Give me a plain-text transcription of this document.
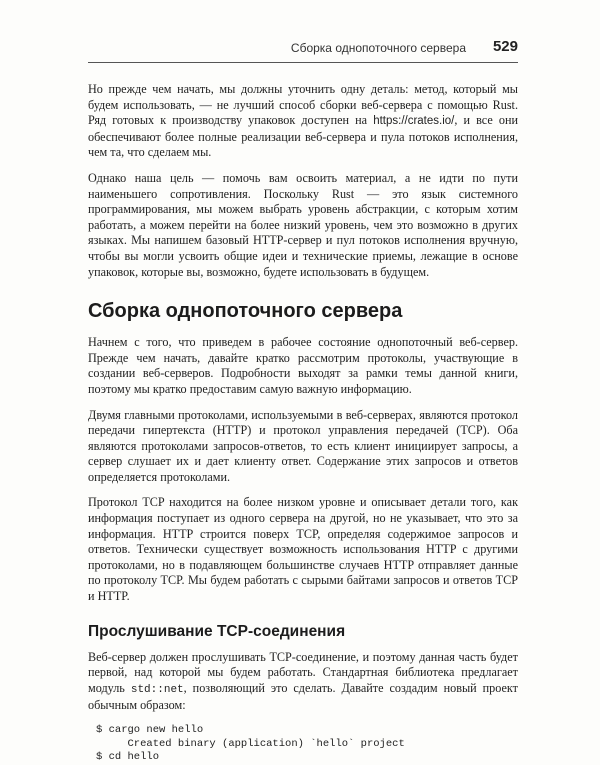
Сборка однопоточного сервера 529

Но прежде чем начать, мы должны уточнить одну деталь: метод, который мы будем использовать, — не лучший способ сборки веб-сервера с помощью Rust. Ряд готовых к производству упаковок доступен на https://crates.io/, и все они обеспечивают более полные реализации веб-сервера и пула потоков исполнения, чем та, что сделаем мы.

Однако наша цель — помочь вам освоить материал, а не идти по пути наименьшего сопротивления. Поскольку Rust — это язык системного программирования, мы можем выбрать уровень абстракции, с которым хотим работать, а можем перейти на более низкий уровень, чем это возможно в других языках. Мы напишем базовый HTTP-сервер и пул потоков исполнения вручную, чтобы вы могли усвоить общие идеи и технические приемы, лежащие в основе упаковок, которые вы, возможно, будете использовать в будущем.

Сборка однопоточного сервера

Начнем с того, что приведем в рабочее состояние однопоточный веб-сервер. Прежде чем начать, давайте кратко рассмотрим протоколы, участвующие в создании веб-серверов. Подробности выходят за рамки темы данной книги, поэтому мы кратко предоставим самую важную информацию.

Двумя главными протоколами, используемыми в веб-серверах, являются протокол передачи гипертекста (HTTP) и протокол управления передачей (TCP). Оба являются протоколами запросов-ответов, то есть клиент инициирует запросы, а сервер слушает их и дает клиенту ответ. Содержание этих запросов и ответов определяется протоколами.

Протокол TCP находится на более низком уровне и описывает детали того, как информация поступает из одного сервера на другой, но не указывает, что это за информация. HTTP строится поверх TCP, определяя содержимое запросов и ответов. Технически существует возможность использования HTTP с другими протоколами, но в подавляющем большинстве случаев HTTP отправляет данные по протоколу TCP. Мы будем работать с сырыми байтами запросов и ответов TCP и HTTP.

Прослушивание TCP-соединения

Веб-сервер должен прослушивать TCP-соединение, и поэтому данная часть будет первой, над которой мы будем работать. Стандартная библиотека предлагает модуль std::net, позволяющий это сделать. Давайте создадим новый проект обычным образом:

$ cargo new hello
Created binary (application) `hello` project
$ cd hello
